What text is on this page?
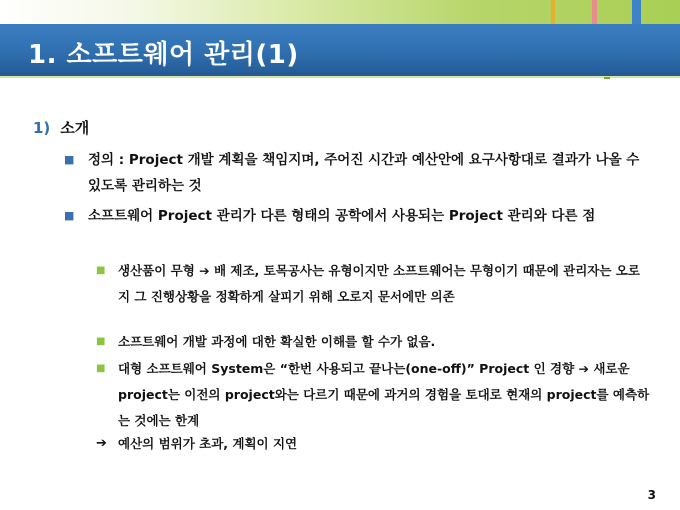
1. 소프트웨어 관리(1)
1) 소개
■	정의 : Project 개발 계획을 책임지며, 주어진 시간과 예산안에 요구사항대로 결과가 나올 수 있도록 관리하는 것
■	소프트웨어 Project 관리가 다른 형태의 공학에서 사용되는 Project 관리와 다른 점
■	생산품이 무형 ➔ 배 제조, 토목공사는 유형이지만 소프트웨어는 무형이기 때문에 관리자는 오로지 그 진행상황을 정확하게 살피기 위해 오로지 문서에만 의존
■	소프트웨어 개발 과정에 대한 확실한 이해를 할 수가 없음.
■	대형 소프트웨어 System은 “한번 사용되고 끝나는(one-off)” Project 인 경향 ➔ 새로운 project는 이전의 project와는 다르기 때문에 과거의 경험을 토대로 현재의 project를 예측하는 것에는 한계
➔ 예산의 범위가 초과, 계획이 지연
3
